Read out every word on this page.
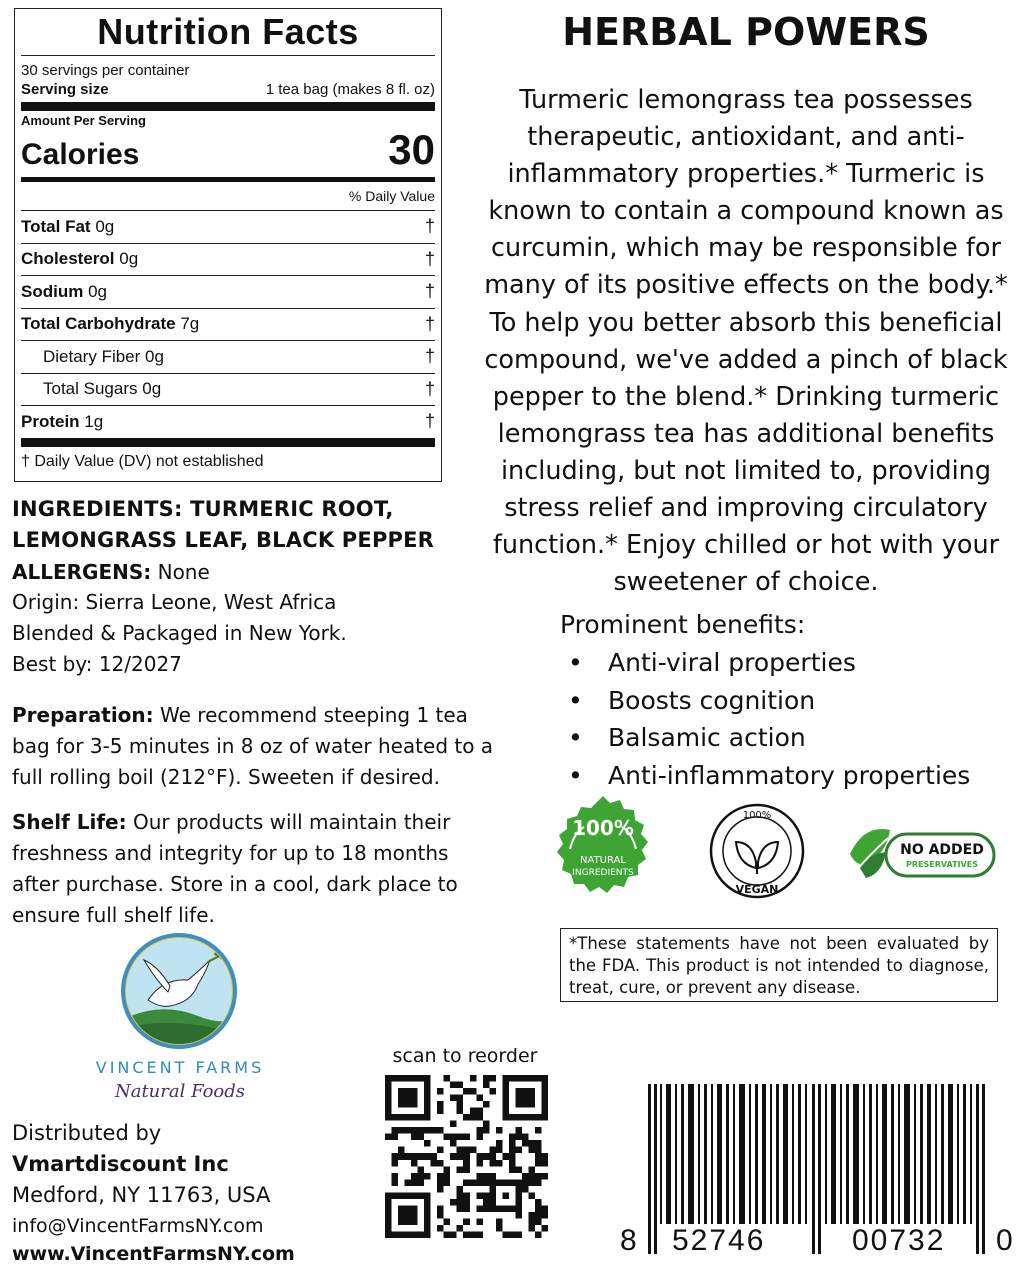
Nutrition Facts
30 servings per container
Serving size	1 tea bag (makes 8 fl. oz)
Amount Per Serving
Calories	30
% Daily Value
Total Fat 0g	†
Cholesterol 0g	†
Sodium 0g	†
Total Carbohydrate 7g	†
Dietary Fiber 0g	†
Total Sugars 0g	†
Protein 1g	†
† Daily Value (DV) not established
INGREDIENTS: TURMERIC ROOT,
LEMONGRASS LEAF, BLACK PEPPER
ALLERGENS: None
Origin: Sierra Leone, West Africa
Blended & Packaged in New York.
Best by: 12/2027
Preparation: We recommend steeping 1 tea bag for 3-5 minutes in 8 oz of water heated to a full rolling boil (212°F). Sweeten if desired.
Shelf Life: Our products will maintain their freshness and integrity for up to 18 months after purchase. Store in a cool, dark place to ensure full shelf life.
VINCENT FARMS
Natural Foods
Distributed by
Vmartdiscount Inc
Medford, NY 11763, USA
info@VincentFarmsNY.com
www.VincentFarmsNY.com
HERBAL POWERS
Turmeric lemongrass tea possesses therapeutic, antioxidant, and anti-inflammatory properties.* Turmeric is known to contain a compound known as curcumin, which may be responsible for many of its positive effects on the body.* To help you better absorb this beneficial compound, we've added a pinch of black pepper to the blend.* Drinking turmeric lemongrass tea has additional benefits including, but not limited to, providing stress relief and improving circulatory function.* Enjoy chilled or hot with your sweetener of choice.
Prominent benefits:
•	Anti-viral properties
•	Boosts cognition
•	Balsamic action
•	Anti-inflammatory properties
100%
NATURAL
INGREDIENTS
100%
VEGAN
NO ADDED
PRESERVATIVES
*These statements have not been evaluated by the FDA. This product is not intended to diagnose, treat, cure, or prevent any disease.
scan to reorder
8 52746	00732 0
